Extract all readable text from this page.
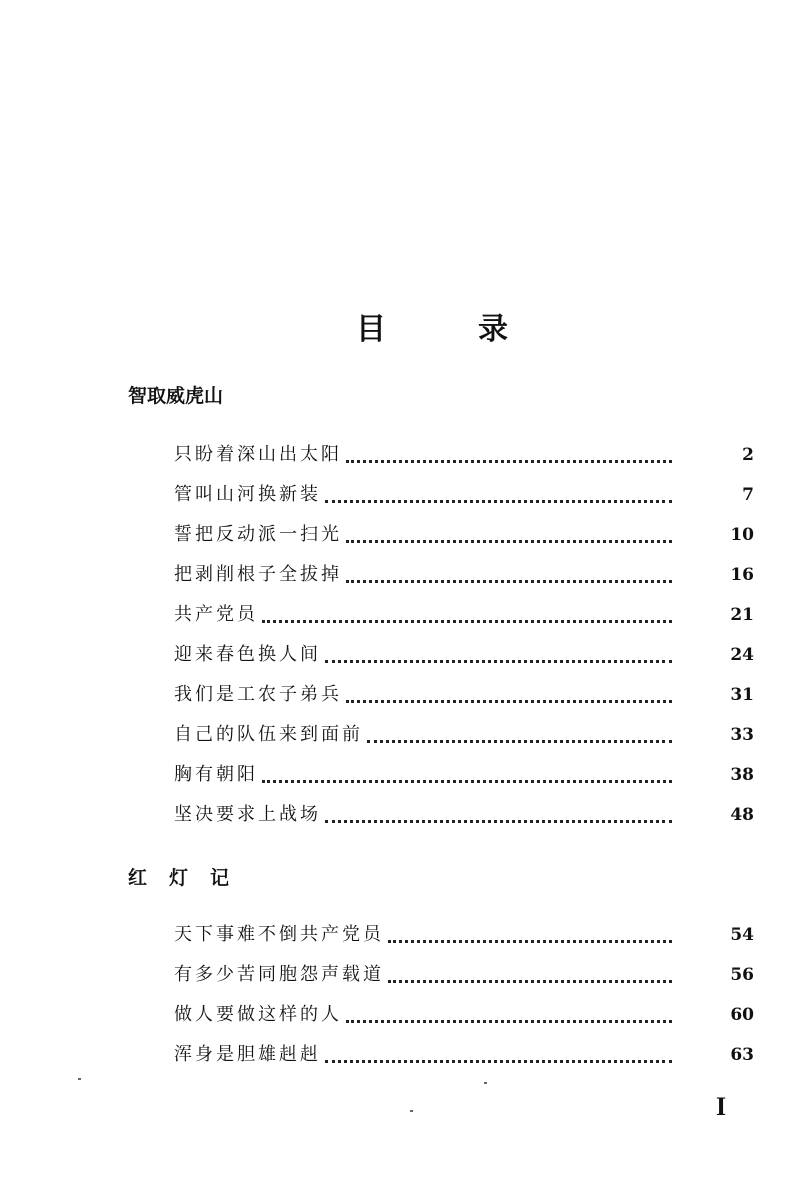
目	录
智取威虎山
只盼着深山出太阳	2
管叫山河换新装	7
誓把反动派一扫光	10
把剥削根子全拔掉	16
共产党员	21
迎来春色换人间	24
我们是工农子弟兵	31
自己的队伍来到面前	33
胸有朝阳	38
坚决要求上战场	48
红灯记
天下事难不倒共产党员	54
有多少苦同胞怨声载道	56
做人要做这样的人	60
浑身是胆雄赳赳	63
I
